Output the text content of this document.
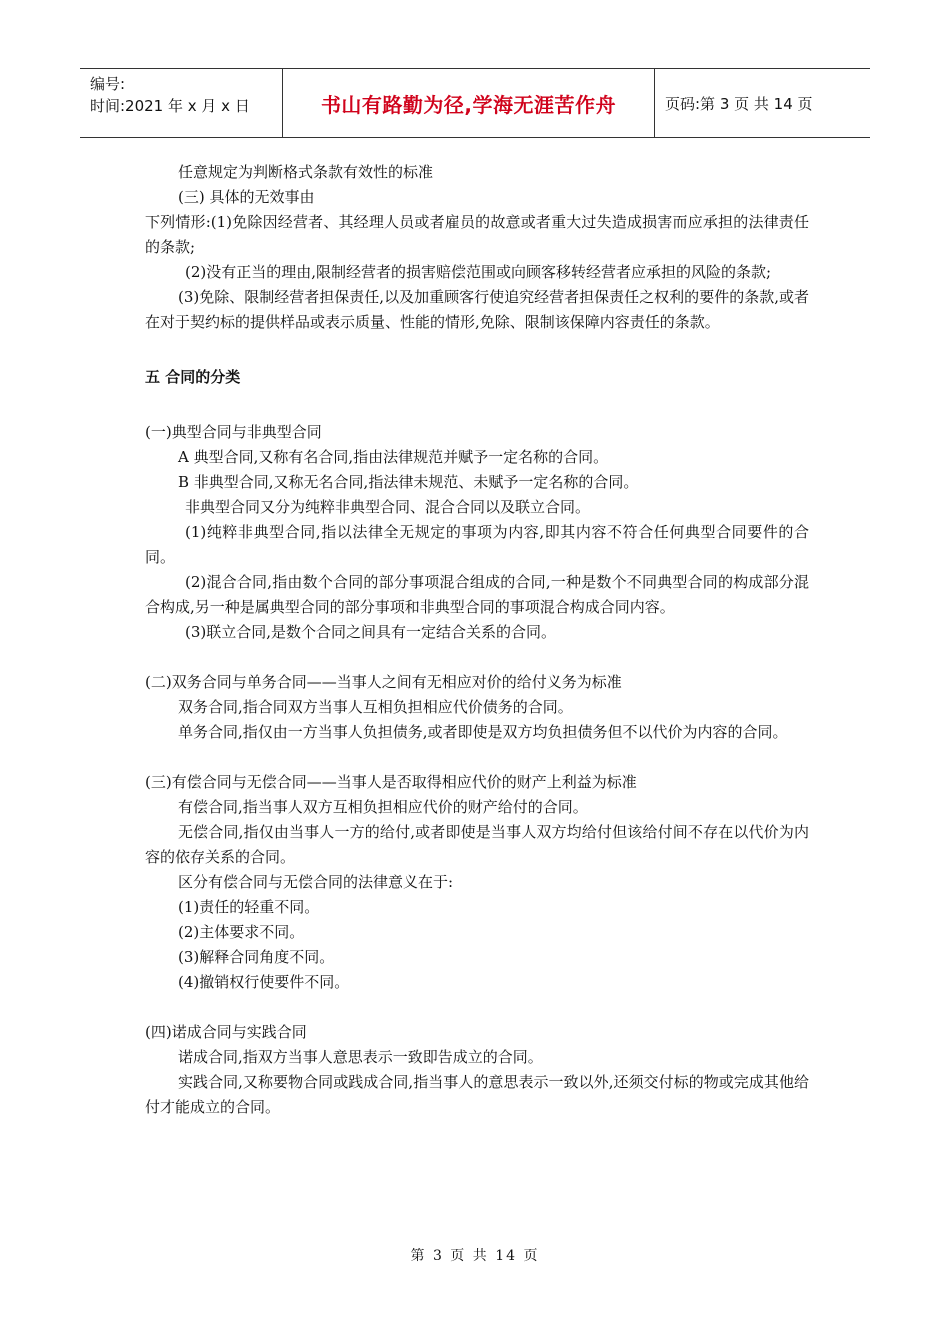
编号:
时间:2021 年 x 月 x 日	书山有路勤为径,学海无涯苦作舟	页码:第 3 页 共 14 页

任意规定为判断格式条款有效性的标准

(三) 具体的无效事由

下列情形:(1)免除因经营者、其经理人员或者雇员的故意或者重大过失造成损害而应承担的法律责任的条款;

(2)没有正当的理由,限制经营者的损害赔偿范围或向顾客移转经营者应承担的风险的条款;

(3)免除、限制经营者担保责任,以及加重顾客行使追究经营者担保责任之权利的要件的条款,或者在对于契约标的提供样品或表示质量、性能的情形,免除、限制该保障内容责任的条款。

五 合同的分类

(一)典型合同与非典型合同

A 典型合同,又称有名合同,指由法律规范并赋予一定名称的合同。

B 非典型合同,又称无名合同,指法律未规范、未赋予一定名称的合同。

非典型合同又分为纯粹非典型合同、混合合同以及联立合同。

(1)纯粹非典型合同,指以法律全无规定的事项为内容,即其内容不符合任何典型合同要件的合同。

(2)混合合同,指由数个合同的部分事项混合组成的合同,一种是数个不同典型合同的构成部分混合构成,另一种是属典型合同的部分事项和非典型合同的事项混合构成合同内容。

(3)联立合同,是数个合同之间具有一定结合关系的合同。

(二)双务合同与单务合同——当事人之间有无相应对价的给付义务为标准

双务合同,指合同双方当事人互相负担相应代价债务的合同。

单务合同,指仅由一方当事人负担债务,或者即使是双方均负担债务但不以代价为内容的合同。

(三)有偿合同与无偿合同——当事人是否取得相应代价的财产上利益为标准

有偿合同,指当事人双方互相负担相应代价的财产给付的合同。

无偿合同,指仅由当事人一方的给付,或者即使是当事人双方均给付但该给付间不存在以代价为内容的依存关系的合同。

区分有偿合同与无偿合同的法律意义在于:

(1)责任的轻重不同。

(2)主体要求不同。

(3)解释合同角度不同。

(4)撤销权行使要件不同。

(四)诺成合同与实践合同

诺成合同,指双方当事人意思表示一致即告成立的合同。

实践合同,又称要物合同或践成合同,指当事人的意思表示一致以外,还须交付标的物或完成其他给付才能成立的合同。

第 3 页 共 14 页
